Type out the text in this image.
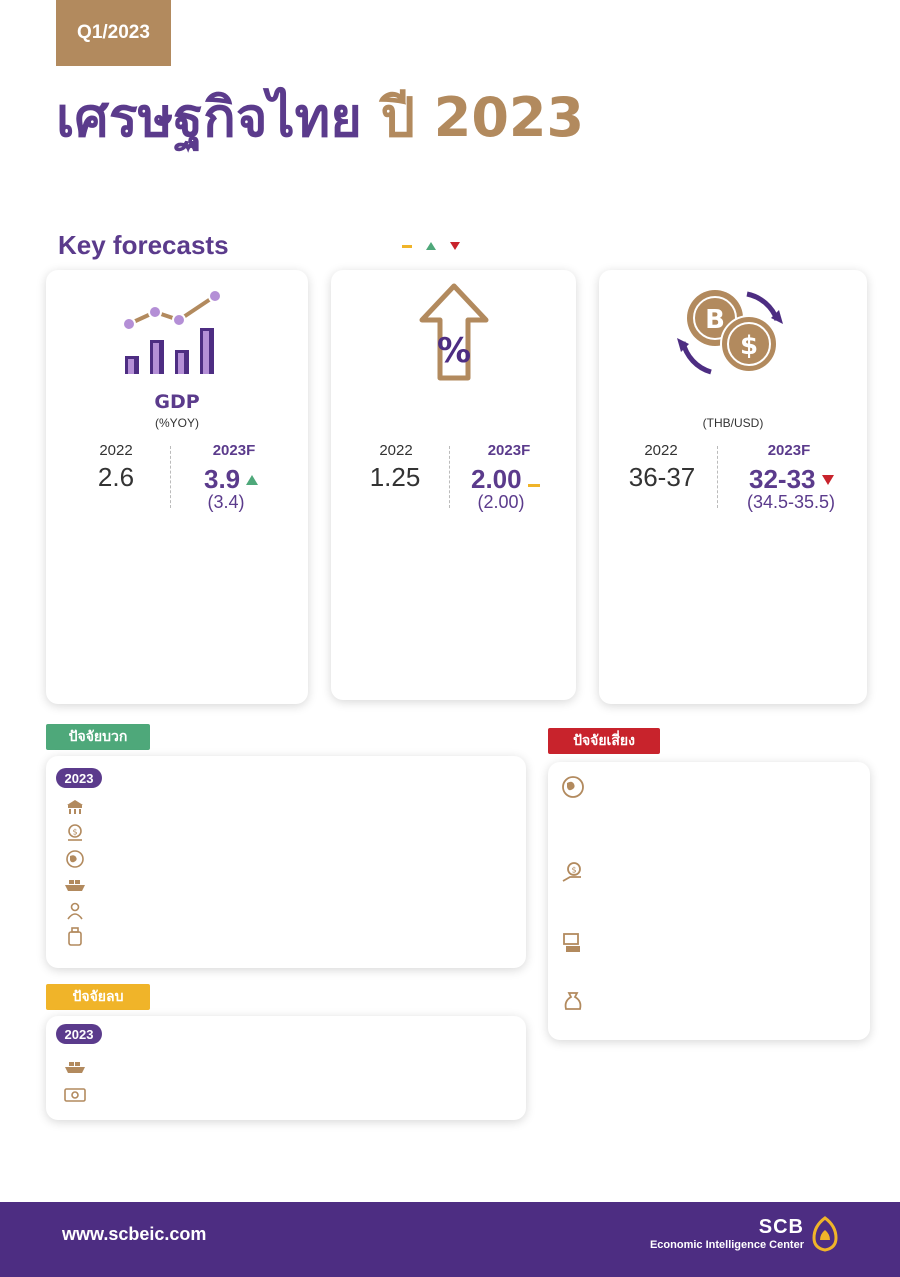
Q1/2023
เศรษฐกิจไทย ปี 2023
Key forecasts
GDP
(%YOY)
2022	2023F
2.6	3.9
(3.4)
%
2022	2023F
1.25	2.00
(2.00)
B
$
(THB/USD)
2022	2023F
36-37	32-33
(34.5-35.5)
ปัจจัยบวก
2023
$
ปัจจัยลบ
2023
ปัจจัยเสี่ยง
$
www.scbeic.com	SCB
Economic Intelligence Center
